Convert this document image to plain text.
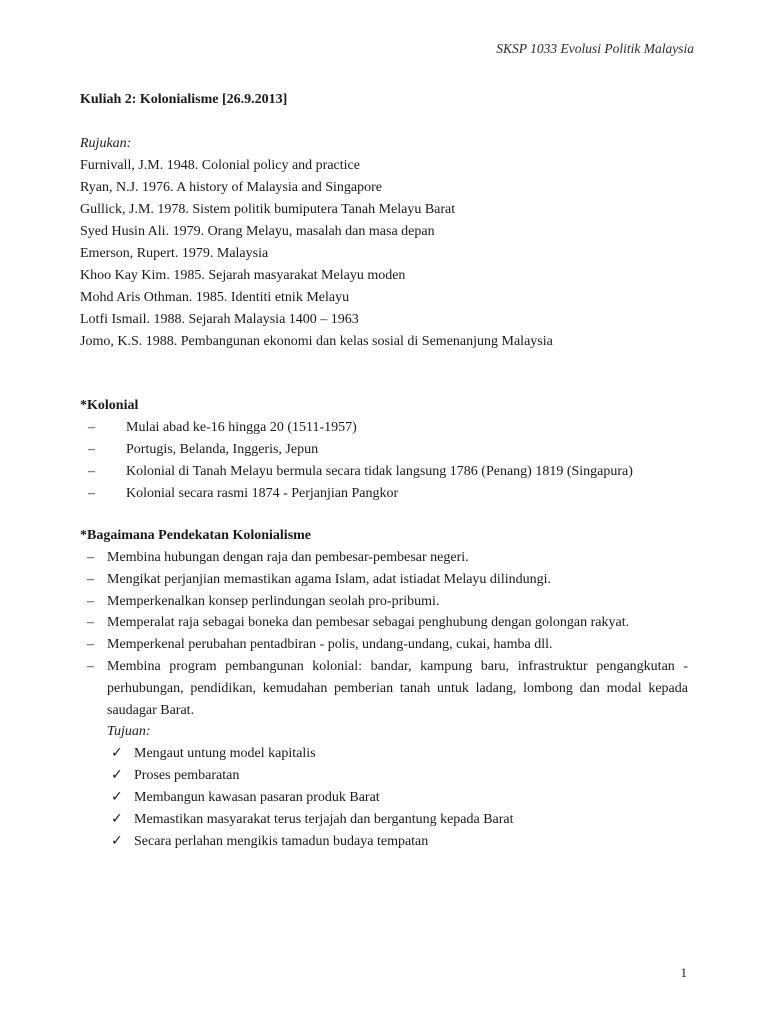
SKSP 1033 Evolusi Politik Malaysia
Kuliah 2: Kolonialisme [26.9.2013]
Rujukan:
Furnivall, J.M. 1948. Colonial policy and practice
Ryan, N.J. 1976. A history of Malaysia and Singapore
Gullick, J.M. 1978. Sistem politik bumiputera Tanah Melayu Barat
Syed Husin Ali. 1979. Orang Melayu, masalah dan masa depan
Emerson, Rupert. 1979. Malaysia
Khoo Kay Kim. 1985. Sejarah masyarakat Melayu moden
Mohd Aris Othman. 1985. Identiti etnik Melayu
Lotfi Ismail. 1988. Sejarah Malaysia 1400 – 1963
Jomo, K.S. 1988. Pembangunan ekonomi dan kelas sosial di Semenanjung Malaysia
*Kolonial
– Mulai abad ke-16 hingga 20 (1511-1957)
– Portugis, Belanda, Inggeris, Jepun
– Kolonial di Tanah Melayu bermula secara tidak langsung 1786 (Penang) 1819 (Singapura)
– Kolonial secara rasmi 1874 - Perjanjian Pangkor
*Bagaimana Pendekatan Kolonialisme
– Membina hubungan dengan raja dan pembesar-pembesar negeri.
– Mengikat perjanjian memastikan agama Islam, adat istiadat Melayu dilindungi.
– Memperkenalkan konsep perlindungan seolah pro-pribumi.
– Memperalat raja sebagai boneka dan pembesar sebagai penghubung dengan golongan rakyat.
– Memperkenal perubahan pentadbiran - polis, undang-undang, cukai, hamba dll.
– Membina program pembangunan kolonial: bandar, kampung baru, infrastruktur pengangkutan - perhubungan, pendidikan, kemudahan pemberian tanah untuk ladang, lombong dan modal kepada saudagar Barat.
Tujuan:
✓ Mengaut untung model kapitalis
✓ Proses pembaratan
✓ Membangun kawasan pasaran produk Barat
✓ Memastikan masyarakat terus terjajah dan bergantung kepada Barat
✓ Secara perlahan mengikis tamadun budaya tempatan
1
